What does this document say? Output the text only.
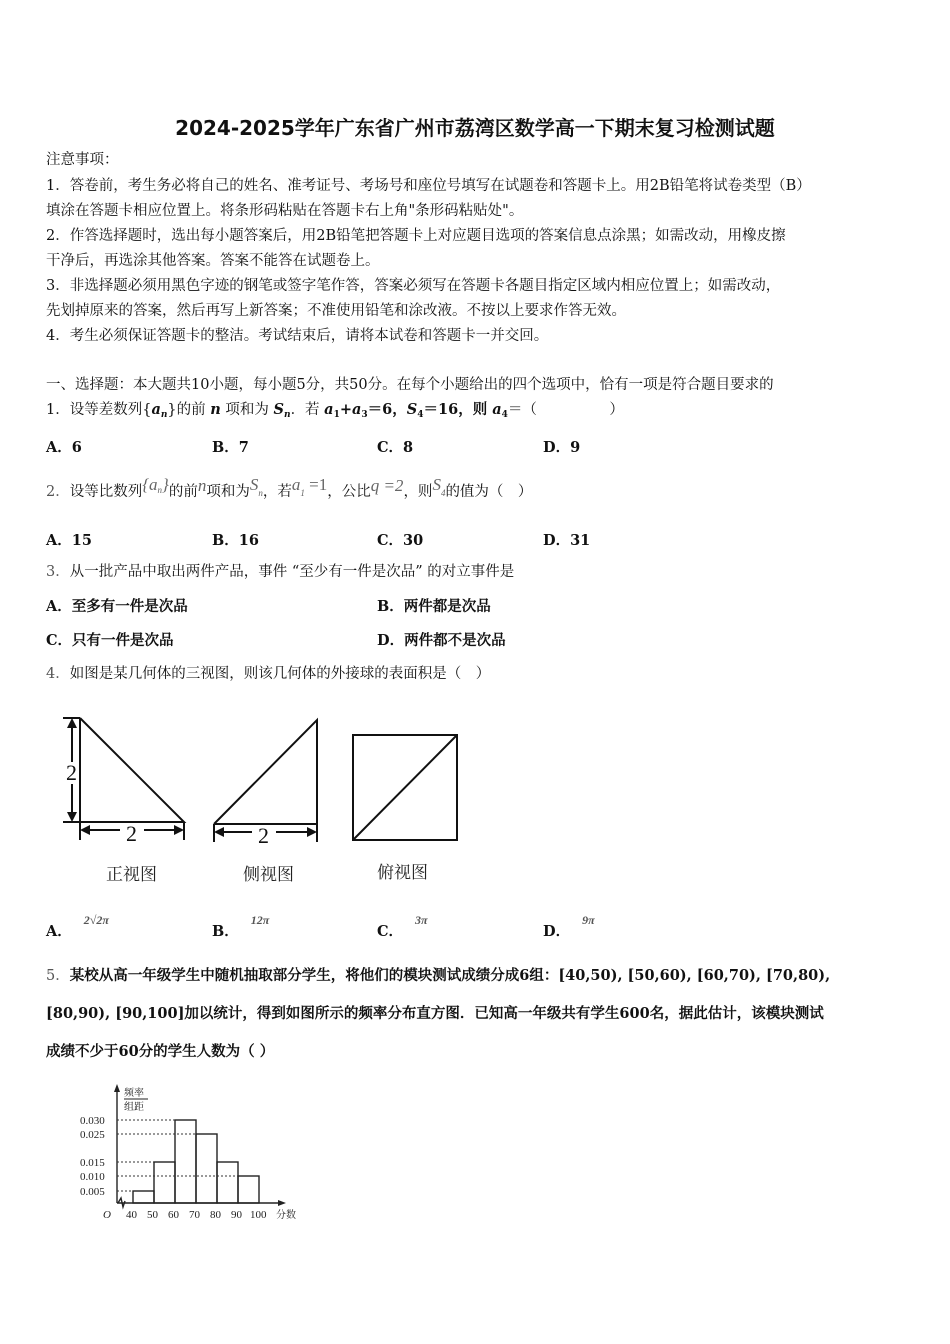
2024-2025学年广东省广州市荔湾区数学高一下期末复习检测试题
注意事项：
1．答卷前，考生务必将自己的姓名、准考证号、考场号和座位号填写在试题卷和答题卡上。用2B铅笔将试卷类型（B）
填涂在答题卡相应位置上。将条形码粘贴在答题卡右上角"条形码粘贴处"。
2．作答选择题时，选出每小题答案后，用2B铅笔把答题卡上对应题目选项的答案信息点涂黑；如需改动，用橡皮擦
干净后，再选涂其他答案。答案不能答在试题卷上。
3．非选择题必须用黑色字迹的钢笔或签字笔作答，答案必须写在答题卡各题目指定区域内相应位置上；如需改动，
先划掉原来的答案，然后再写上新答案；不准使用铅笔和涂改液。不按以上要求作答无效。
4．考生必须保证答题卡的整洁。考试结束后，请将本试卷和答题卡一并交回。
一、选择题：本大题共10小题，每小题5分，共50分。在每个小题给出的四个选项中，恰有一项是符合题目要求的
1．设等差数列$\{a_n\}$的前 n 项和为 $S_n$．若 $a_1+a_3=6$，$S_4=16$，则 $a_4=$（　　　　　）
A．6	B．7	C．8	D．9
2．设等比数列$\{a^n\}$的前n项和为Sn，若a1 =1，公比q =2，则S4的值为（　）
A．15	B．16	C．30	D．31
3．从一批产品中取出两件产品，事件 “至少有一件是次品” 的对立事件是
A．至多有一件是次品	B．两件都是次品
C．只有一件是次品	D．两件都不是次品
4．如图是某几何体的三视图，则该几何体的外接球的表面积是（　）
2
2	2
正视图	侧视图	俯视图
A．$^{2√2\pi}$
B．$^{12\pi}$
C．$^{3\pi}$
D．$^{9\pi}$
5．某校从高一年级学生中随机抽取部分学生，将他们的模块测试成绩分成6组：[40,50), [50,60), [60,70), [70,80),
[80,90), [90,100]加以统计，得到如图所示的频率分布直方图．已知高一年级共有学生600名，据此估计，该模块测试
成绩不少于60分的学生人数为（ ）
频率
组距
0.030
0.025
0.015
0.010
0.005
O 40 50 60 70 80 90 100 分数
